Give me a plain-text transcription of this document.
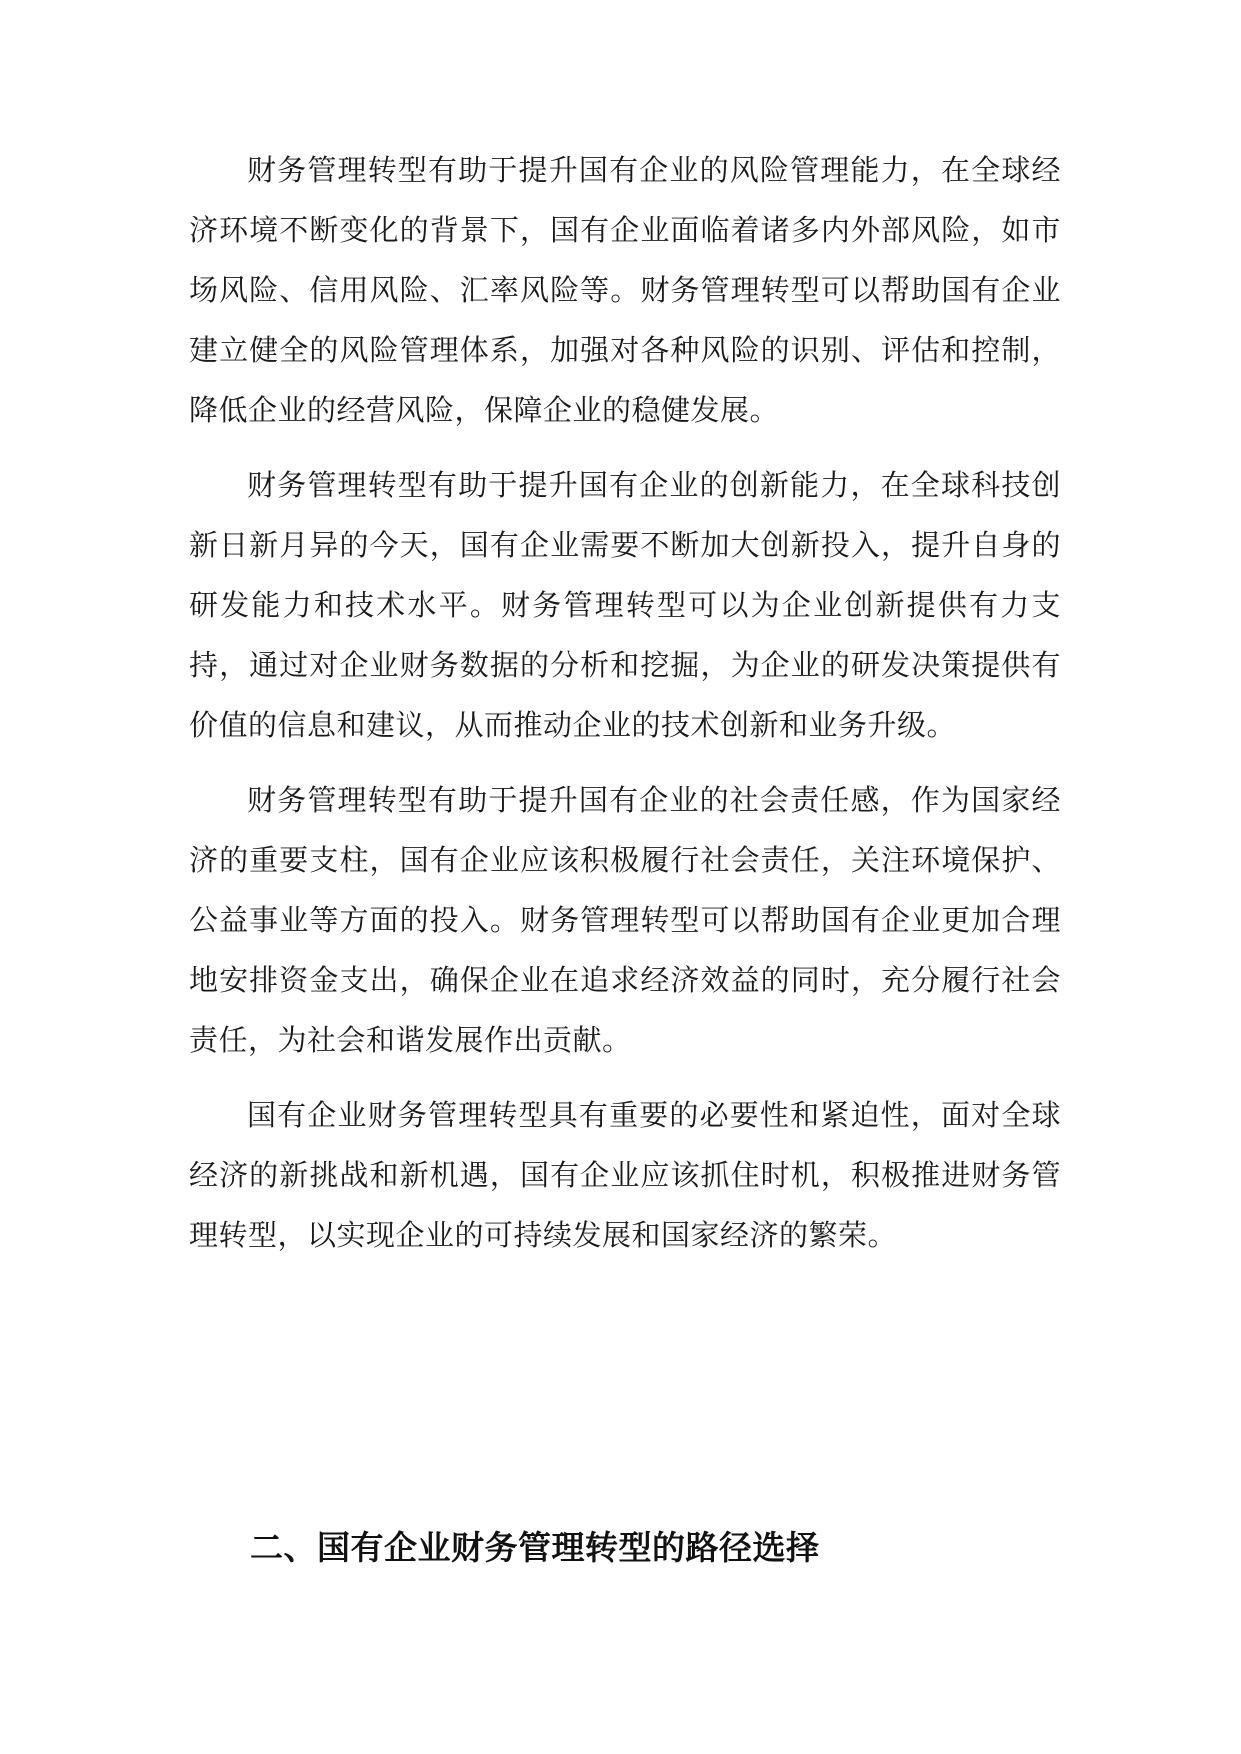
财务管理转型有助于提升国有企业的风险管理能力，在全球经济环境不断变化的背景下，国有企业面临着诸多内外部风险，如市场风险、信用风险、汇率风险等。财务管理转型可以帮助国有企业建立健全的风险管理体系，加强对各种风险的识别、评估和控制，降低企业的经营风险，保障企业的稳健发展。

财务管理转型有助于提升国有企业的创新能力，在全球科技创新日新月异的今天，国有企业需要不断加大创新投入，提升自身的研发能力和技术水平。财务管理转型可以为企业创新提供有力支持，通过对企业财务数据的分析和挖掘，为企业的研发决策提供有价值的信息和建议，从而推动企业的技术创新和业务升级。

财务管理转型有助于提升国有企业的社会责任感，作为国家经济的重要支柱，国有企业应该积极履行社会责任，关注环境保护、公益事业等方面的投入。财务管理转型可以帮助国有企业更加合理地安排资金支出，确保企业在追求经济效益的同时，充分履行社会责任，为社会和谐发展作出贡献。

国有企业财务管理转型具有重要的必要性和紧迫性，面对全球经济的新挑战和新机遇，国有企业应该抓住时机，积极推进财务管理转型，以实现企业的可持续发展和国家经济的繁荣。

二、国有企业财务管理转型的路径选择
